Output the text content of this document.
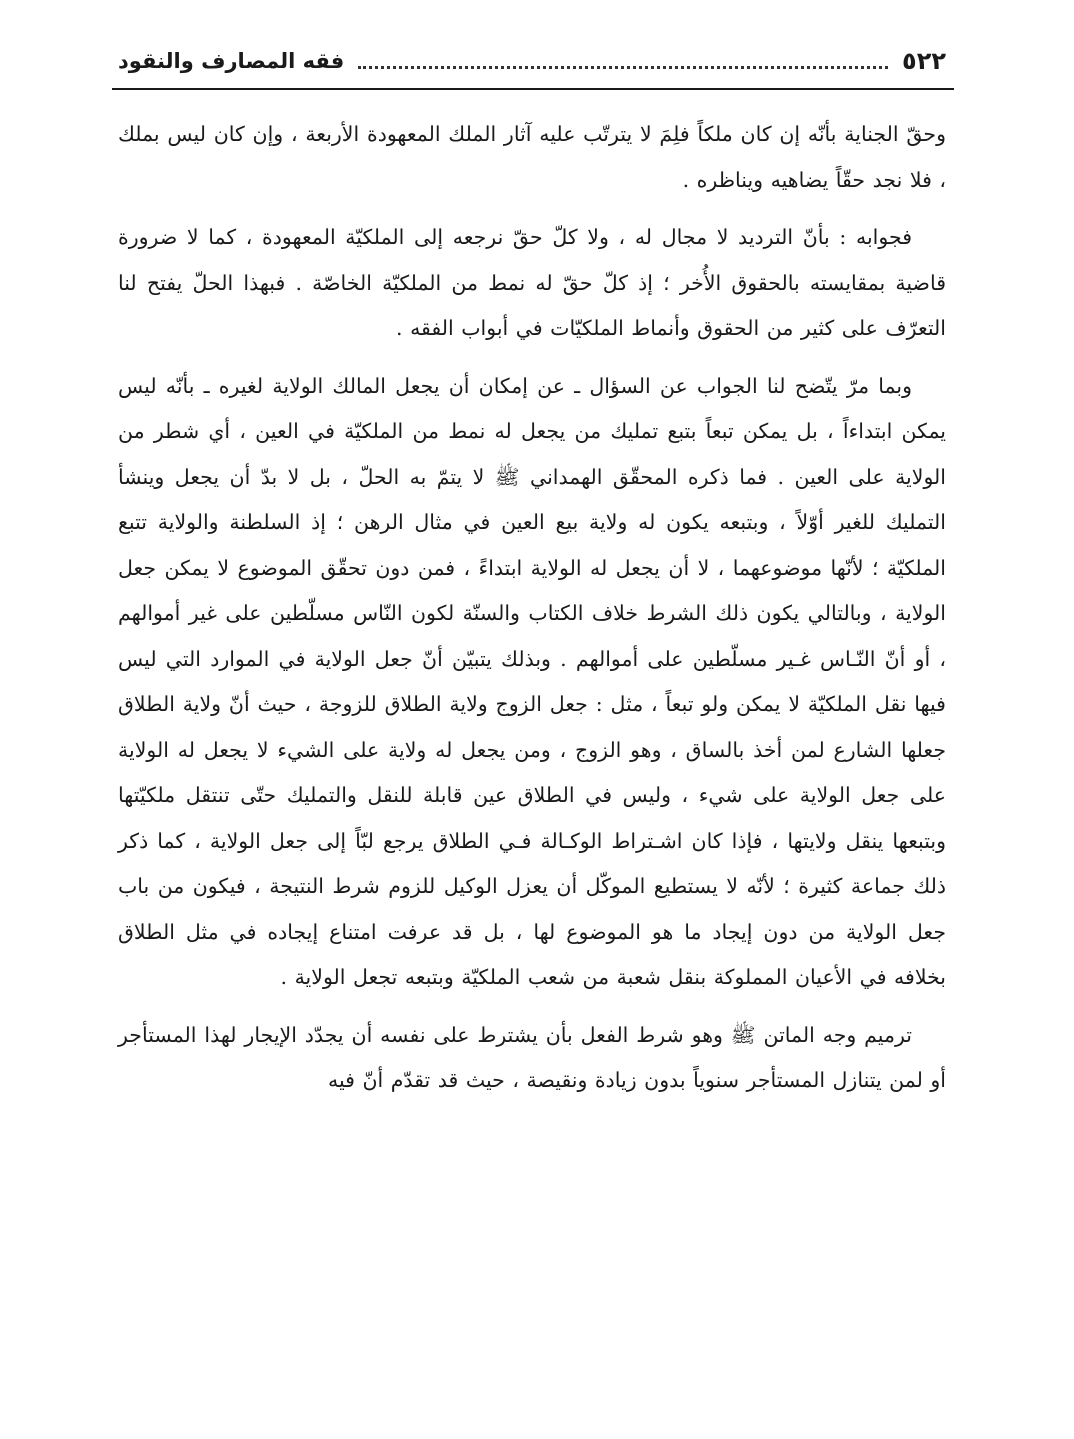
٥٢٢
فقه المصارف والنقود

وحقّ الجناية بأنّه إن كان ملكاً فلِمَ لا يترتّب عليه آثار الملك المعهودة الأربعة ، وإن كان ليس بملك ، فلا نجد حقّاً يضاهيه ويناظره .

فجوابه : بأنّ الترديد لا مجال له ، ولا كلّ حقّ نرجعه إلى الملكيّة المعهودة ، كما لا ضرورة قاضية بمقايسته بالحقوق الأُخر ؛ إذ كلّ حقّ له نمط من الملكيّة الخاصّة . فبهذا الحلّ يفتح لنا التعرّف على كثير من الحقوق وأنماط الملكيّات في أبواب الفقه .

وبما مرّ يتّضح لنا الجواب عن السؤال ـ عن إمكان أن يجعل المالك الولاية لغيره ـ بأنّه ليس يمكن ابتداءاً ، بل يمكن تبعاً بتبع تمليك من يجعل له نمط من الملكيّة في العين ، أي شطر من الولاية على العين . فما ذكره المحقّق الهمداني ﷺ لا يتمّ به الحلّ ، بل لا بدّ أن يجعل وينشأ التمليك للغير أوّلاً ، وبتبعه يكون له ولاية بيع العين في مثال الرهن ؛ إذ السلطنة والولاية تتبع الملكيّة ؛ لأنّها موضوعهما ، لا أن يجعل له الولاية ابتداءً ، فمن دون تحقّق الموضوع لا يمكن جعل الولاية ، وبالتالي يكون ذلك الشرط خلاف الكتاب والسنّة لكون النّاس مسلّطين على غير أموالهم ، أو أنّ النّـاس غـير مسلّطين على أموالهم . وبذلك يتبيّن أنّ جعل الولاية في الموارد التي ليس فيها نقل الملكيّة لا يمكن ولو تبعاً ، مثل : جعل الزوج ولاية الطلاق للزوجة ، حيث أنّ ولاية الطلاق جعلها الشارع لمن أخذ بالساق ، وهو الزوج ، ومن يجعل له ولاية على الشيء لا يجعل له الولاية على جعل الولاية على شيء ، وليس في الطلاق عين قابلة للنقل والتمليك حتّى تنتقل ملكيّتها وبتبعها ينقل ولايتها ، فإذا كان اشـتراط الوكـالة فـي الطلاق يرجع لبّاً إلى جعل الولاية ، كما ذكر ذلك جماعة كثيرة ؛ لأنّه لا يستطيع الموكّل أن يعزل الوكيل للزوم شرط النتيجة ، فيكون من باب جعل الولاية من دون إيجاد ما هو الموضوع لها ، بل قد عرفت امتناع إيجاده في مثل الطلاق بخلافه في الأعيان المملوكة بنقل شعبة من شعب الملكيّة وبتبعه تجعل الولاية .

ترميم وجه الماتن ﷺ وهو شرط الفعل بأن يشترط على نفسه أن يجدّد الإيجار لهذا المستأجر أو لمن يتنازل المستأجر سنوياً بدون زيادة ونقيصة ، حيث قد تقدّم أنّ فيه
